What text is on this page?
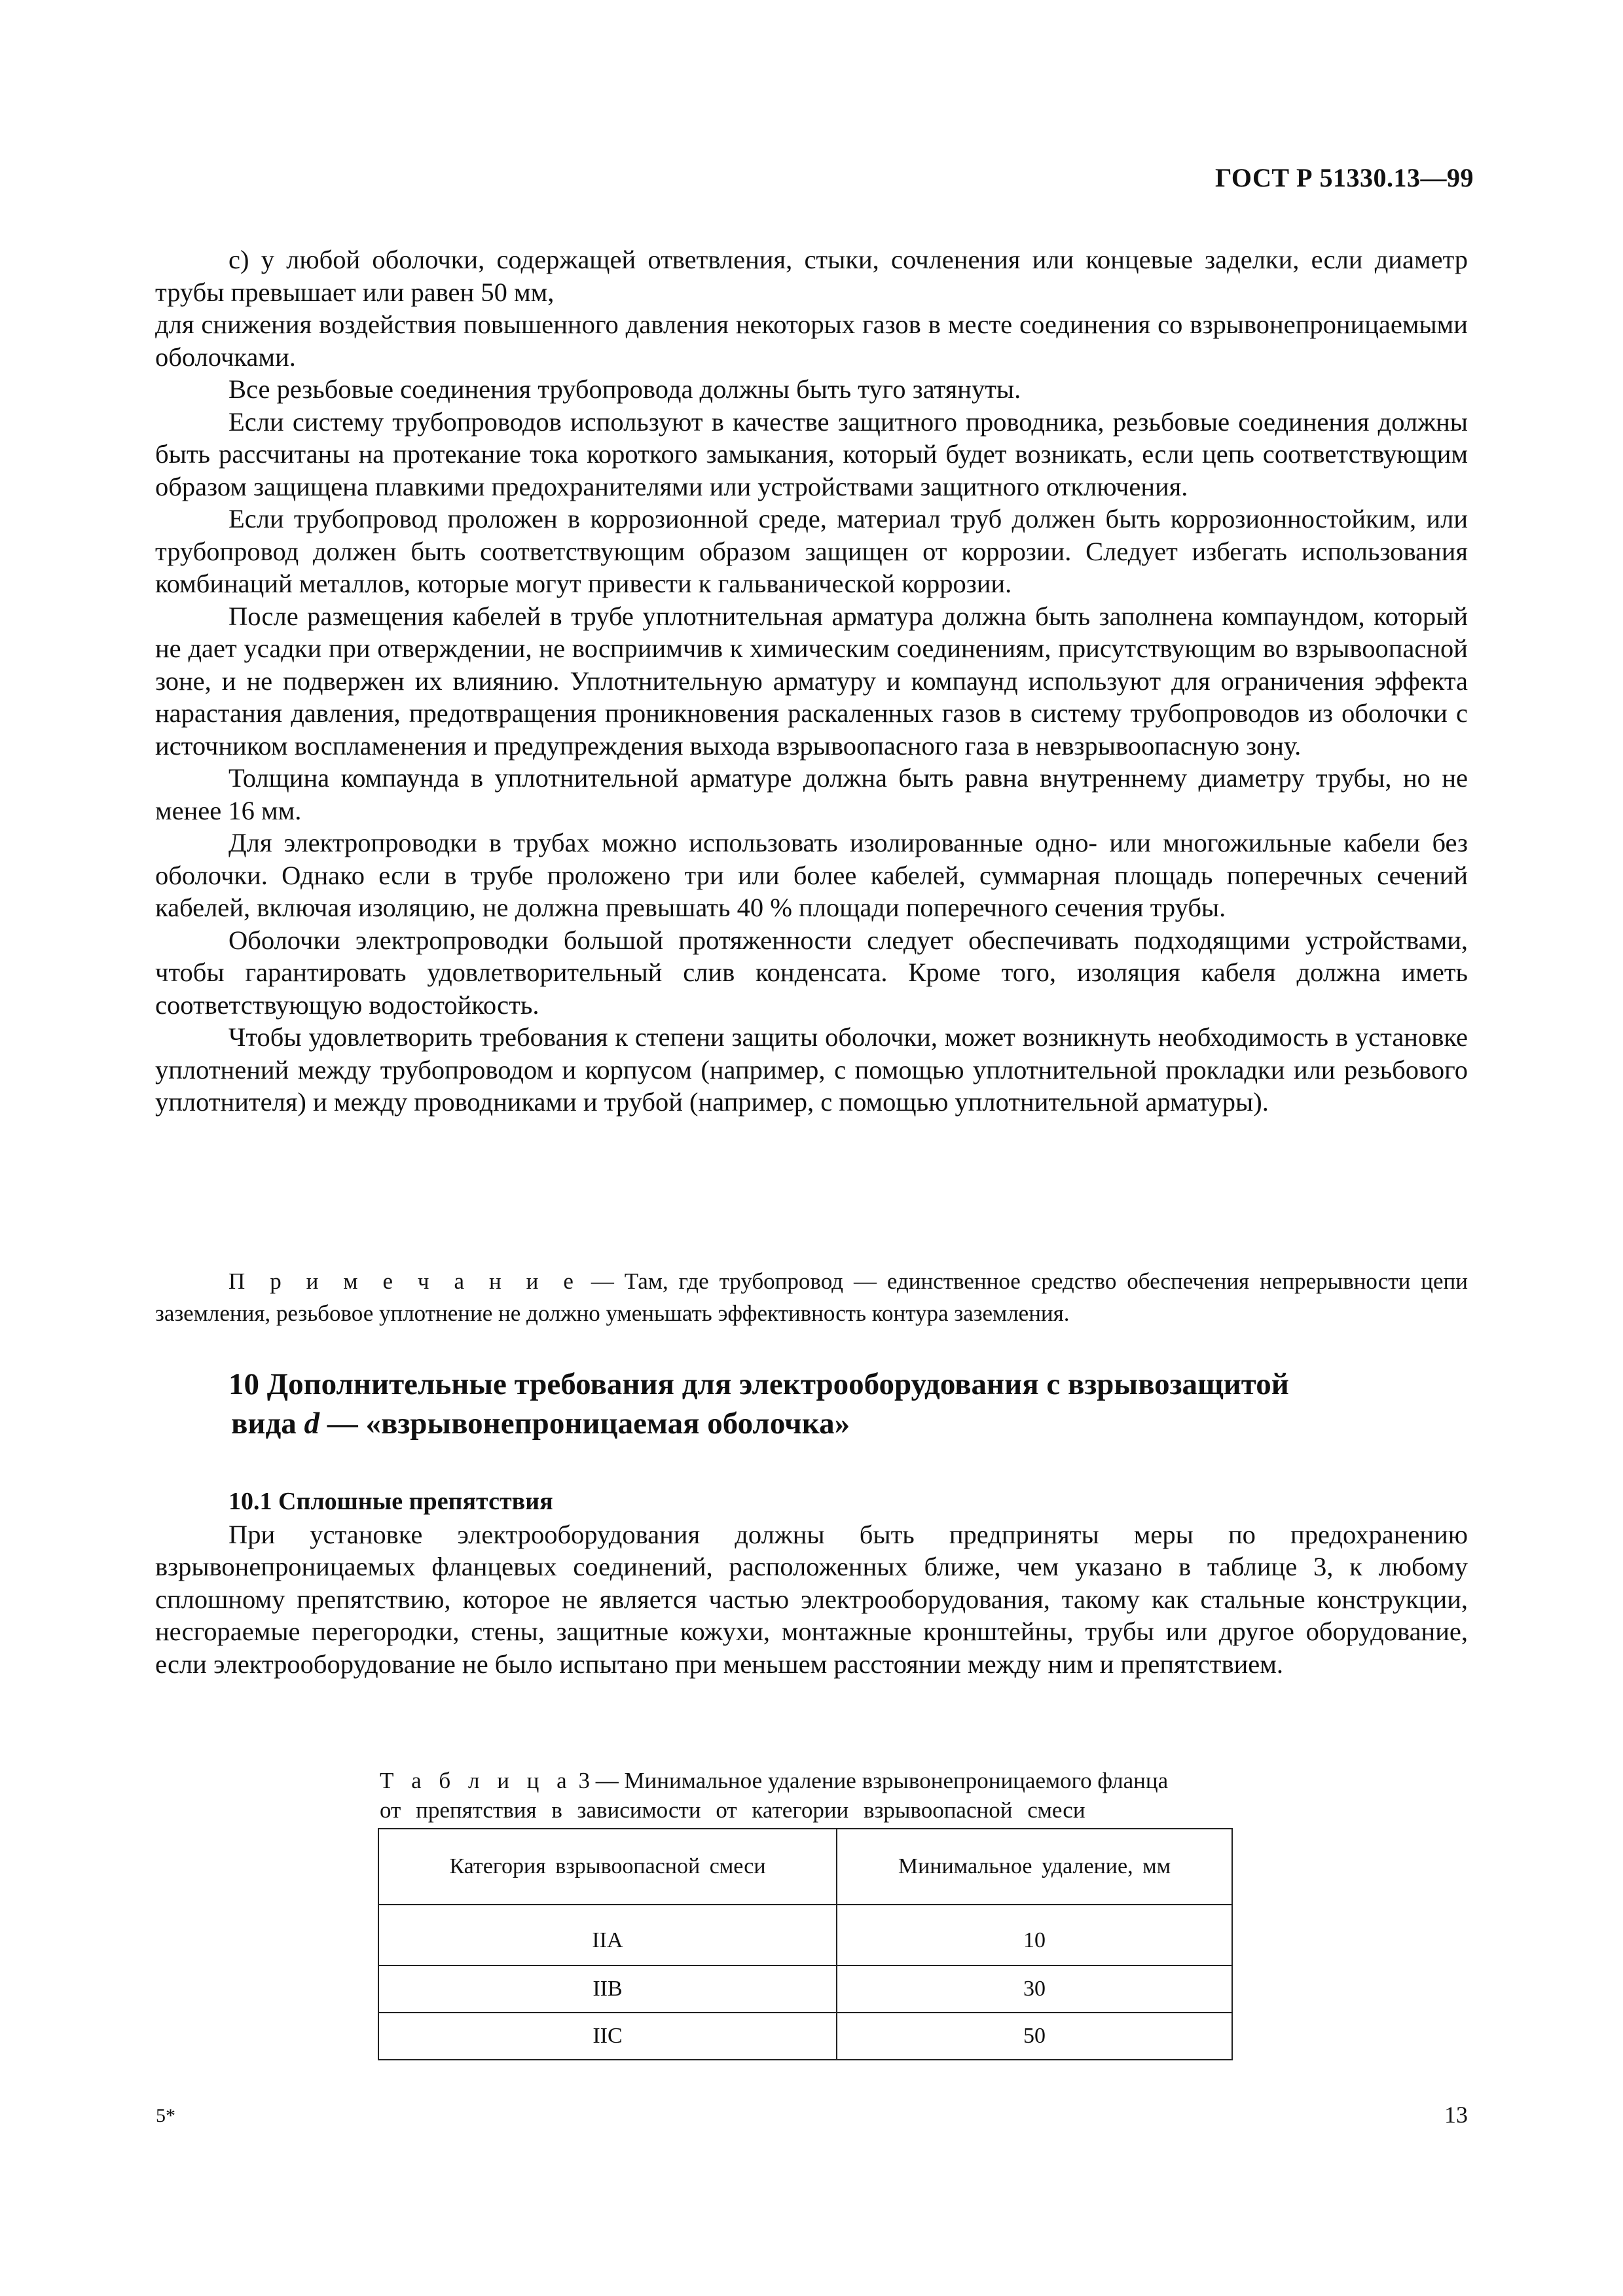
ГОСТ Р 51330.13—99

c) у любой оболочки, содержащей ответвления, стыки, сочленения или концевые заделки, если диаметр трубы превышает или равен 50 мм,

для снижения воздействия повышенного давления некоторых газов в месте соединения со взрывонепроницаемыми оболочками.

Все резьбовые соединения трубопровода должны быть туго затянуты.

Если систему трубопроводов используют в качестве защитного проводника, резьбовые соединения должны быть рассчитаны на протекание тока короткого замыкания, который будет возникать, если цепь соответствующим образом защищена плавкими предохранителями или устройствами защитного отключения.

Если трубопровод проложен в коррозионной среде, материал труб должен быть коррозионностойким, или трубопровод должен быть соответствующим образом защищен от коррозии. Следует избегать использования комбинаций металлов, которые могут привести к гальванической коррозии.

После размещения кабелей в трубе уплотнительная арматура должна быть заполнена компаундом, который не дает усадки при отверждении, не восприимчив к химическим соединениям, присутствующим во взрывоопасной зоне, и не подвержен их влиянию. Уплотнительную арматуру и компаунд используют для ограничения эффекта нарастания давления, предотвращения проникновения раскаленных газов в систему трубопроводов из оболочки с источником воспламенения и предупреждения выхода взрывоопасного газа в невзрывоопасную зону.

Толщина компаунда в уплотнительной арматуре должна быть равна внутреннему диаметру трубы, но не менее 16 мм.

Для электропроводки в трубах можно использовать изолированные одно- или многожильные кабели без оболочки. Однако если в трубе проложено три или более кабелей, суммарная площадь поперечных сечений кабелей, включая изоляцию, не должна превышать 40 % площади поперечного сечения трубы.

Оболочки электропроводки большой протяженности следует обеспечивать подходящими устройствами, чтобы гарантировать удовлетворительный слив конденсата. Кроме того, изоляция кабеля должна иметь соответствующую водостойкость.

Чтобы удовлетворить требования к степени защиты оболочки, может возникнуть необходимость в установке уплотнений между трубопроводом и корпусом (например, с помощью уплотнительной прокладки или резьбового уплотнителя) и между проводниками и трубой (например, с помощью уплотнительной арматуры).

П р и м е ч а н и е — Там, где трубопровод — единственное средство обеспечения непрерывности цепи заземления, резьбовое уплотнение не должно уменьшать эффективность контура заземления.

10 Дополнительные требования для электрооборудования с взрывозащитой
вида d — «взрывонепроницаемая оболочка»

10.1 Сплошные препятствия

При установке электрооборудования должны быть предприняты меры по предохранению взрывонепроницаемых фланцевых соединений, расположенных ближе, чем указано в таблице 3, к любому сплошному препятствию, которое не является частью электрооборудования, такому как стальные конструкции, несгораемые перегородки, стены, защитные кожухи, монтажные кронштейны, трубы или другое оборудование, если электрооборудование не было испытано при меньшем расстоянии между ним и препятствием.

Т а б л и ц а 3 — Минимальное удаление взрывонепроницаемого фланца
от препятствия в зависимости от категории взрывоопасной смеси
Категория взрывоопасной смеси	Минимальное удаление, мм
IIA	10
IIB	30
IIC	50
5*	13
